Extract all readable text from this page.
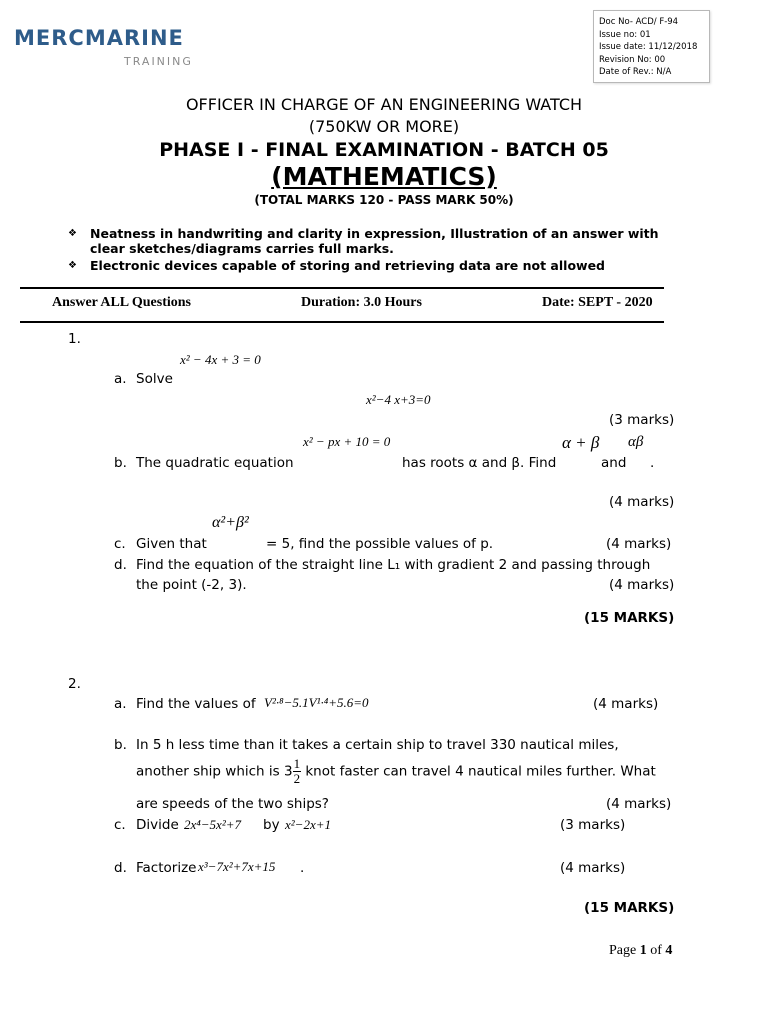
MERCMARINE
TRAINING
Doc No- ACD/ F-94
Issue no: 01
Issue date: 11/12/2018
Revision No: 00
Date of Rev.: N/A
OFFICER IN CHARGE OF AN ENGINEERING WATCH
(750KW OR MORE)
PHASE I - FINAL EXAMINATION - BATCH 05
(MATHEMATICS)
(TOTAL MARKS 120 - PASS MARK 50%)
❖ Neatness in handwriting and clarity in expression, Illustration of an answer with clear sketches/diagrams carries full marks.
❖ Electronic devices capable of storing and retrieving data are not allowed
Answer ALL Questions	Duration: 3.0 Hours	Date: SEPT - 2020
1.
x² − 4x + 3 = 0
a. Solve
x²−4 x+3=0
(3 marks)
x² − px + 10 = 0	α + β αβ
b. The quadratic equation	has roots α and β. Find	and .
(4 marks)
α²+β²
c. Given that	= 5, find the possible values of p.	(4 marks)
d. Find the equation of the straight line L₁ with gradient 2 and passing through
the point (-2, 3).	(4 marks)
(15 MARKS)
2.
a. Find the values of V²·⁸−5.1V¹·⁴+5.6=0	(4 marks)
b. In 5 h less time than it takes a certain ship to travel 330 nautical miles,
another ship which is $3 \frac{1}{2}$ knot faster can travel 4 nautical miles further. What
are speeds of the two ships?	(4 marks)
c. Divide 2x⁴−5x²+7 by x²−2x+1	(3 marks)
d. Factorize x³−7x²+7x+15 .	(4 marks)
(15 MARKS)
Page 1 of 4
